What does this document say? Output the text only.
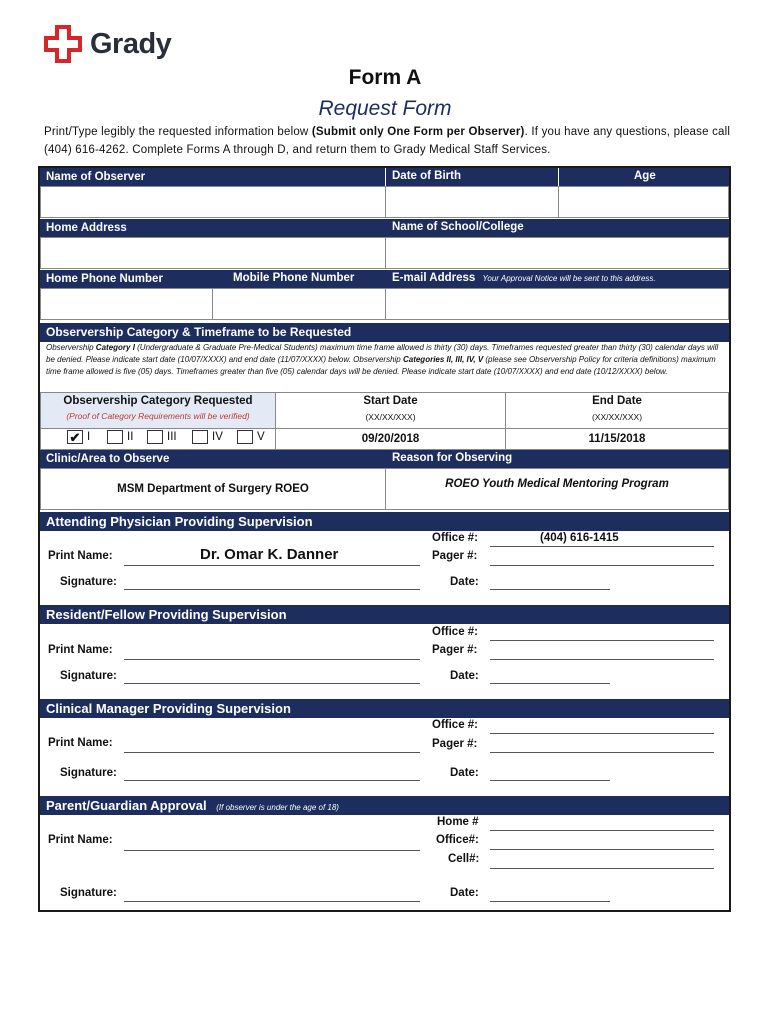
Grady
Form A
Request Form
Print/Type legibly the requested information below (Submit only One Form per Observer). If you have any questions, please call (404) 616-4262. Complete Forms A through D, and return them to Grady Medical Staff Services.
Name of Observer	Date of Birth	Age
Home Address	Name of School/College
Home Phone Number	Mobile Phone Number	E-mail Address Your Approval Notice will be sent to this address.
Observership Category & Timeframe to be Requested
Observership Category I (Undergraduate & Graduate Pre-Medical Students) maximum time frame allowed is thirty (30) days. Timeframes requested greater than thirty (30) calendar days will be denied. Please indicate start date (10/07/XXXX) and end date (11/07/XXXX) below. Observership Categories II, III, IV, V (please see Observership Policy for criteria definitions) maximum time frame allowed is five (05) days. Timeframes greater than five (05) calendar days will be denied. Please indicate start date (10/07/XXXX) and end date (10/12/XXXX) below.
Observership Category Requested
(Proof of Category Requirements will be verified)
Start Date
(XX/XX/XXX)
End Date
(XX/XX/XXX)
✔ I	II	III	IV	V	09/20/2018	11/15/2018
Clinic/Area to Observe	Reason for Observing
MSM Department of Surgery ROEO	ROEO Youth Medical Mentoring Program
Attending Physician Providing Supervision
Print Name:	Dr. Omar K. Danner
Signature:
Office #:	(404) 616-1415
Pager #:
Date:
Resident/Fellow Providing Supervision
Office #:
Print Name:	Pager #:
Signature:	Date:
Clinical Manager Providing Supervision
Office #:
Print Name:	Pager #:
Signature:	Date:
Parent/Guardian Approval (If observer is under the age of 18)
Home #
Print Name:	Office#:
Cell#:
Signature:	Date:
